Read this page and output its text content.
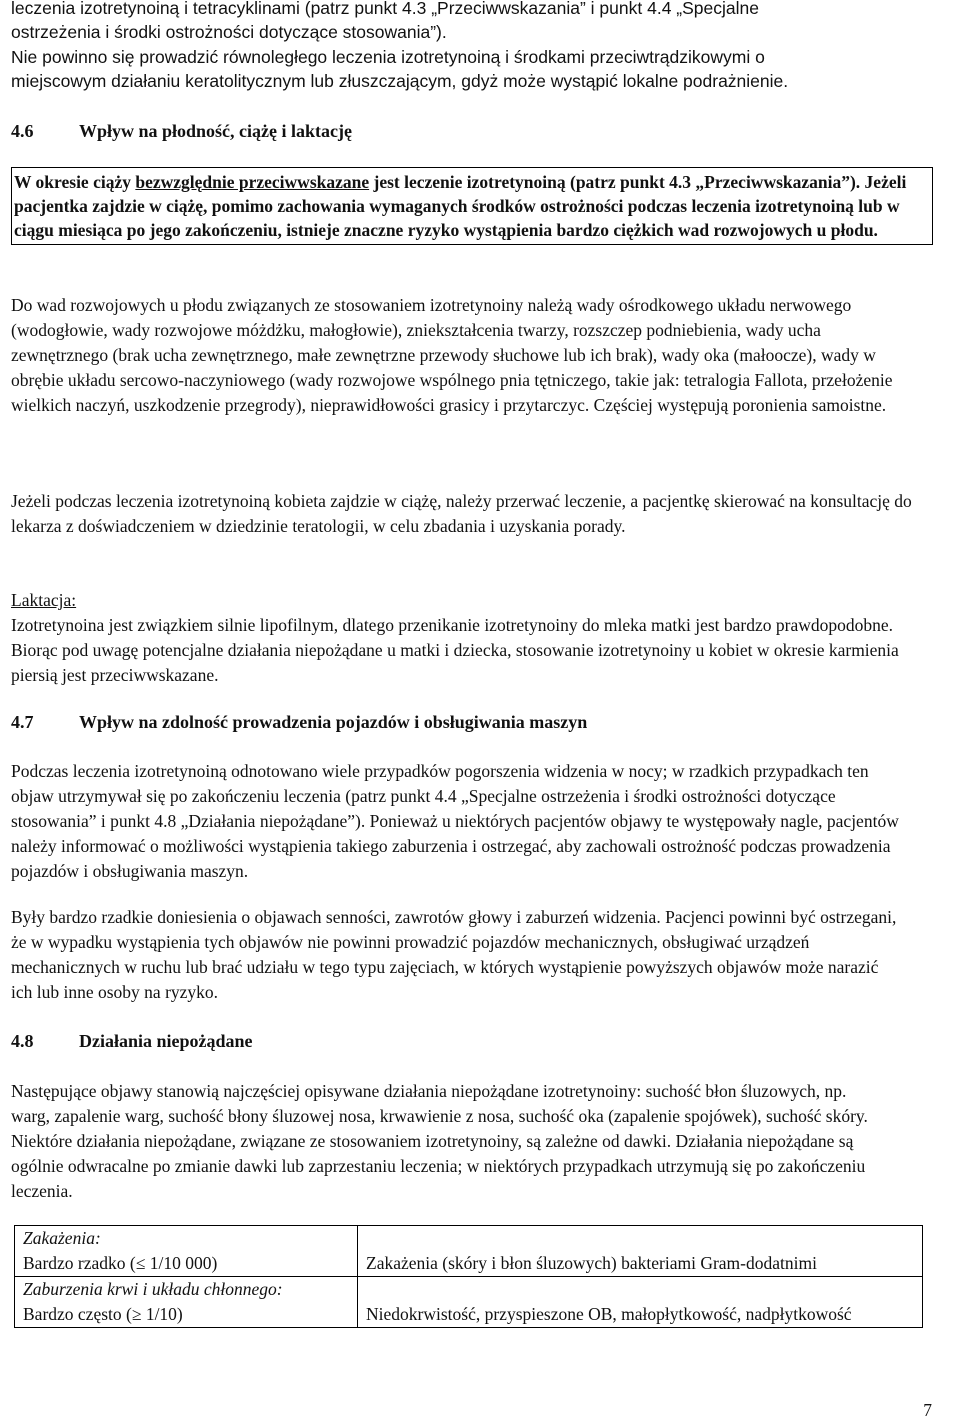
leczenia izotretynoiną i tetracyklinami (patrz punkt 4.3 „Przeciwwskazania” i punkt 4.4 „Specjalne

ostrzeżenia i środki ostrożności dotyczące stosowania”).

Nie powinno się prowadzić równoległego leczenia izotretynoiną i środkami przeciwtrądzikowymi o

miejscowym działaniu keratolitycznym lub złuszczającym, gdyż może wystąpić lokalne podrażnienie.

4.6	Wpływ na płodność, ciążę i laktację
W okresie ciąży bezwzględnie przeciwwskazane jest leczenie izotretynoiną (patrz punkt 4.3 „Przeciwwskazania”). Jeżeli pacjentka zajdzie w ciążę, pomimo zachowania wymaganych środków ostrożności podczas leczenia izotretynoiną lub w ciągu miesiąca po jego zakończeniu, istnieje znaczne ryzyko wystąpienia bardzo ciężkich wad rozwojowych u płodu.

Do wad rozwojowych u płodu związanych ze stosowaniem izotretynoiny należą wady ośrodkowego układu nerwowego (wodogłowie, wady rozwojowe móżdżku, małogłowie), zniekształcenia twarzy, rozszczep podniebienia, wady ucha zewnętrznego (brak ucha zewnętrznego, małe zewnętrzne przewody słuchowe lub ich brak), wady oka (małoocze), wady w obrębie układu sercowo-naczyniowego (wady rozwojowe wspólnego pnia tętniczego, takie jak: tetralogia Fallota, przełożenie wielkich naczyń, uszkodzenie przegrody), nieprawidłowości grasicy i przytarczyc. Częściej występują poronienia samoistne.

Jeżeli podczas leczenia izotretynoiną kobieta zajdzie w ciążę, należy przerwać leczenie, a pacjentkę skierować na konsultację do lekarza z doświadczeniem w dziedzinie teratologii, w celu zbadania i uzyskania porady.

Laktacja:

Izotretynoina jest związkiem silnie lipofilnym, dlatego przenikanie izotretynoiny do mleka matki jest bardzo prawdopodobne. Biorąc pod uwagę potencjalne działania niepożądane u matki i dziecka, stosowanie izotretynoiny u kobiet w okresie karmienia piersią jest przeciwwskazane.

4.7	Wpływ na zdolność prowadzenia pojazdów i obsługiwania maszyn

Podczas leczenia izotretynoiną odnotowano wiele przypadków pogorszenia widzenia w nocy; w rzadkich przypadkach ten objaw utrzymywał się po zakończeniu leczenia (patrz punkt 4.4 „Specjalne ostrzeżenia i środki ostrożności dotyczące stosowania” i punkt 4.8 „Działania niepożądane”). Ponieważ u niektórych pacjentów objawy te występowały nagle, pacjentów należy informować o możliwości wystąpienia takiego zaburzenia i ostrzegać, aby zachowali ostrożność podczas prowadzenia pojazdów i obsługiwania maszyn.

Były bardzo rzadkie doniesienia o objawach senności, zawrotów głowy i zaburzeń widzenia. Pacjenci powinni być ostrzegani, że w wypadku wystąpienia tych objawów nie powinni prowadzić pojazdów mechanicznych, obsługiwać urządzeń mechanicznych w ruchu lub brać udziału w tego typu zajęciach, w których wystąpienie powyższych objawów może narazić ich lub inne osoby na ryzyko.

4.8	Działania niepożądane

Następujące objawy stanowią najczęściej opisywane działania niepożądane izotretynoiny: suchość błon śluzowych, np. warg, zapalenie warg, suchość błony śluzowej nosa, krwawienie z nosa, suchość oka (zapalenie spojówek), suchość skóry. Niektóre działania niepożądane, związane ze stosowaniem izotretynoiny, są zależne od dawki. Działania niepożądane są ogólnie odwracalne po zmianie dawki lub zaprzestaniu leczenia; w niektórych przypadkach utrzymują się po zakończeniu leczenia.

Zakażenia:
Bardzo rzadko (≤ 1/10 000)	Zakażenia (skóry i błon śluzowych) bakteriami Gram-dodatnimi

Zaburzenia krwi i układu chłonnego:
Bardzo często (≥ 1/10)	Niedokrwistość, przyspieszone OB, małopłytkowość, nadpłytkowość
7
